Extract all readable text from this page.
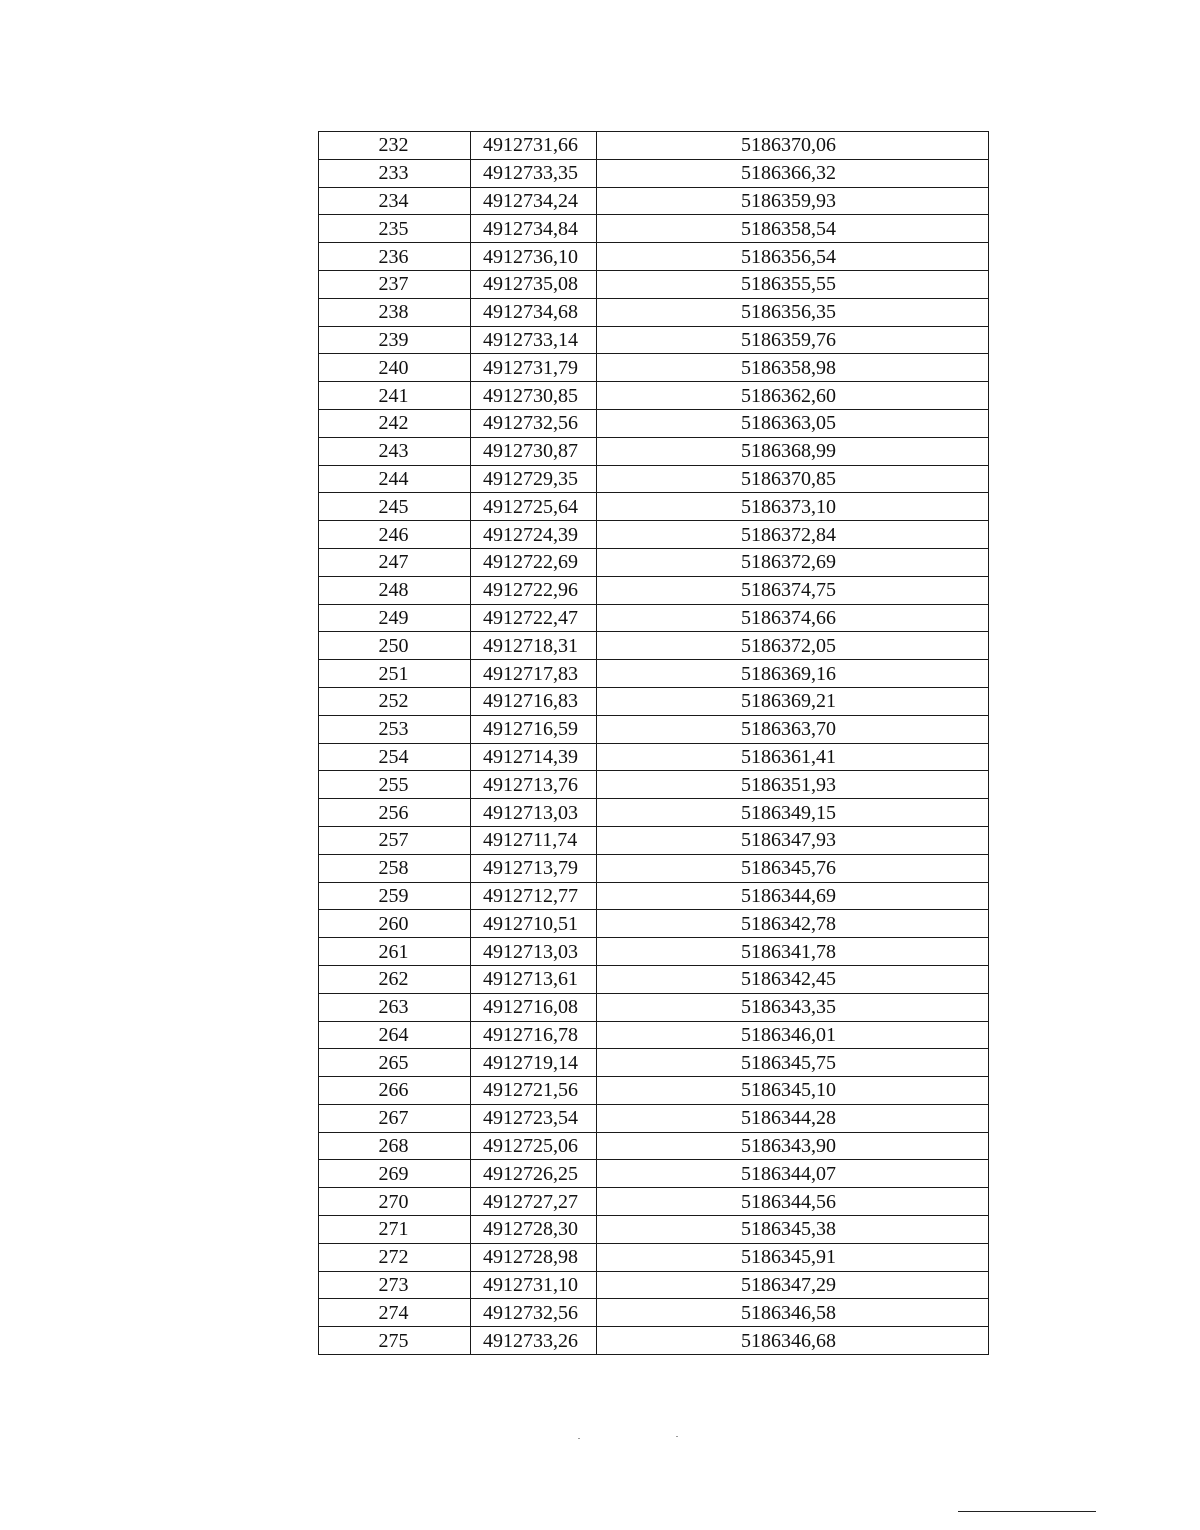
232	4912731,66	5186370,06
233	4912733,35	5186366,32
234	4912734,24	5186359,93
235	4912734,84	5186358,54
236	4912736,10	5186356,54
237	4912735,08	5186355,55
238	4912734,68	5186356,35
239	4912733,14	5186359,76
240	4912731,79	5186358,98
241	4912730,85	5186362,60
242	4912732,56	5186363,05
243	4912730,87	5186368,99
244	4912729,35	5186370,85
245	4912725,64	5186373,10
246	4912724,39	5186372,84
247	4912722,69	5186372,69
248	4912722,96	5186374,75
249	4912722,47	5186374,66
250	4912718,31	5186372,05
251	4912717,83	5186369,16
252	4912716,83	5186369,21
253	4912716,59	5186363,70
254	4912714,39	5186361,41
255	4912713,76	5186351,93
256	4912713,03	5186349,15
257	4912711,74	5186347,93
258	4912713,79	5186345,76
259	4912712,77	5186344,69
260	4912710,51	5186342,78
261	4912713,03	5186341,78
262	4912713,61	5186342,45
263	4912716,08	5186343,35
264	4912716,78	5186346,01
265	4912719,14	5186345,75
266	4912721,56	5186345,10
267	4912723,54	5186344,28
268	4912725,06	5186343,90
269	4912726,25	5186344,07
270	4912727,27	5186344,56
271	4912728,30	5186345,38
272	4912728,98	5186345,91
273	4912731,10	5186347,29
274	4912732,56	5186346,58
275	4912733,26	5186346,68
